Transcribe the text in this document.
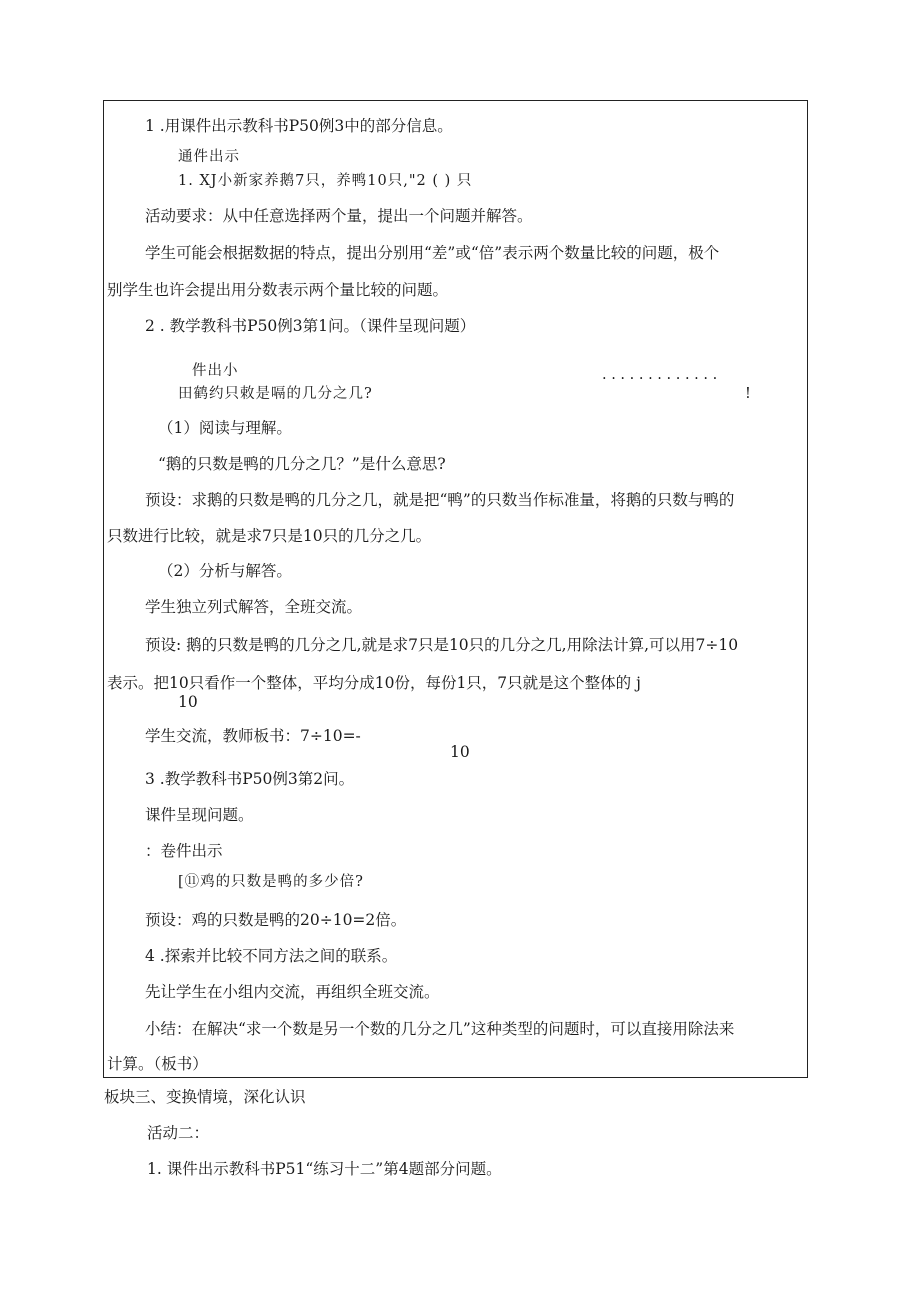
1 .用课件出示教科书P50例3中的部分信息。
通件出示
1. XJ小新家养鹅7只，养鸭10只,"2 ( ) 只
活动要求：从中任意选择两个量，提出一个问题并解答。
学生可能会根据数据的特点，提出分别用“差”或“倍”表示两个数量比较的问题，极个
别学生也许会提出用分数表示两个量比较的问题。
2 . 教学教科书P50例3第1问。（课件呈现问题）
件出小	. . . . . . . . . . . . .
田鹤约只敕是嗝的几分之几?	!
（1）阅读与理解。
“鹅的只数是鸭的几分之几？”是什么意思?
预设：求鹅的只数是鸭的几分之几，就是把“鸭”的只数当作标准量，将鹅的只数与鸭的
只数进行比较，就是求7只是10只的几分之几。
（2）分析与解答。
学生独立列式解答，全班交流。
预设: 鹅的只数是鸭的几分之几,就是求7只是10只的几分之几,用除法计算,可以用7÷10
表示。把10只看作一个整体，平均分成10份，每份1只，7只就是这个整体的 j
10
学生交流，教师板书：7÷10=-
10
3 .教学教科书P50例3第2问。
课件呈现问题。
：卷件出示
[⑪鸡的只数是鸭的多少倍?
预设：鸡的只数是鸭的20÷10=2倍。
4 .探索并比较不同方法之间的联系。
先让学生在小组内交流，再组织全班交流。
小结：在解决“求一个数是另一个数的几分之几”这种类型的问题时，可以直接用除法来
计算。（板书）
板块三、变换情境，深化认识
活动二：
1. 课件出示教科书P51“练习十二”第4题部分问题。
